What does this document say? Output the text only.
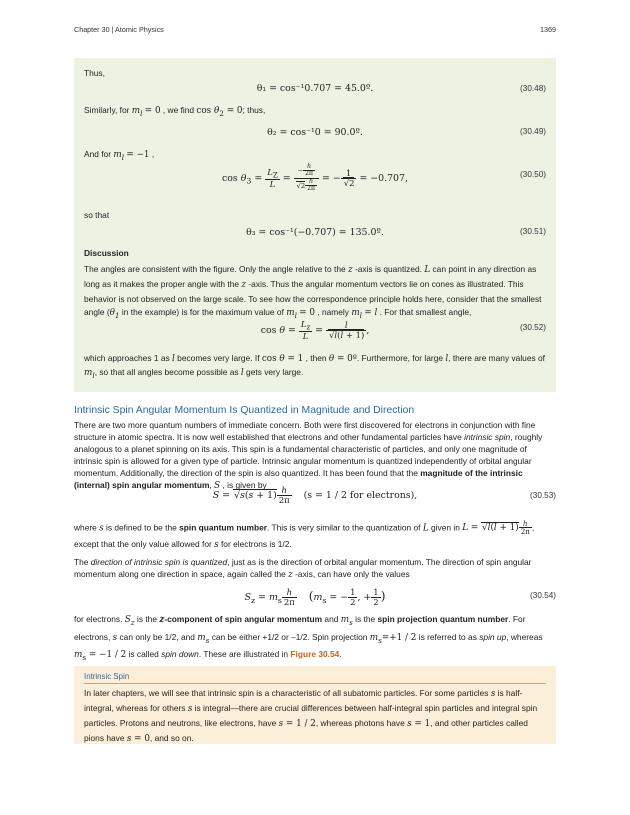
Chapter 30 | Atomic Physics	1369

Thus,

θ₁ = cos⁻¹0.707 = 45.0º.	(30.48)

Similarly, for $m_l = 0$ , we find $\cos \theta_2 = 0$; thus,

θ₂ = cos⁻¹0 = 90.0º.	(30.49)

And for $m_l = -1$ ,

$\cos \theta_3 = \frac{L_Z}{L} = \frac{- \frac{h}{2\pi}}{√2 \frac{h}{2\pi}}$ = − $\frac{1}{√2} = -0.707$,	(30.50)

so that

θ₃ = cos⁻¹(−0.707) = 135.0º.	(30.51)

Discussion

The angles are consistent with the figure. Only the angle relative to the z -axis is quantized. L can point in any direction as long as it makes the proper angle with the z -axis. Thus the angular momentum vectors lie on cones as illustrated. This behavior is not observed on the large scale. To see how the correspondence principle holds here, consider that the smallest angle ($\theta_1$ in the example) is for the maximum value of $m_l = 0$ , namely $m_l = l$ . For that smallest angle,

$\cos \theta = \frac{L_z}{L} = \frac{l}{√l(l + 1)}$ ,	(30.52)

which approaches 1 as l becomes very large. If cos θ = 1 , then θ = 0º. Furthermore, for large l, there are many values of $m_l$, so that all angles become possible as l gets very large.

Intrinsic Spin Angular Momentum Is Quantized in Magnitude and Direction

There are two more quantum numbers of immediate concern. Both were first discovered for electrons in conjunction with fine structure in atomic spectra. It is now well established that electrons and other fundamental particles have intrinsic spin, roughly analogous to a planet spinning on its axis. This spin is a fundamental characteristic of particles, and only one magnitude of intrinsic spin is allowed for a given type of particle. Intrinsic angular momentum is quantized independently of orbital angular momentum. Additionally, the direction of the spin is also quantized. It has been found that the magnitude of the intrinsic (internal) spin angular momentum, S , is given by

$S = √s(s + 1) \frac{h}{2\pi} (s = 1 / 2$ for electrons),	(30.53)

where s is defined to be the spin quantum number. This is very similar to the quantization of L given in $L = √l(l + 1) \frac{h}{2\pi}$ , except that the only value allowed for s for electrons is 1/2.

The direction of intrinsic spin is quantized, just as is the direction of orbital angular momentum. The direction of spin angular momentum along one direction in space, again called the z -axis, can have only the values

$S_z = m_s \frac{h}{2\pi} (m_s$ = − $\frac{1}{2}$ , + $\frac{1}{2}$ )	(30.54)

for electrons. $S_z$ is the z-component of spin angular momentum and $m_s$ is the spin projection quantum number. For electrons, s can only be 1/2, and $m_s$ can be either +1/2 or –1/2. Spin projection $m_s=+1 / 2$ is referred to as spin up, whereas $m_s = -1 / 2$ is called spin down. These are illustrated in Figure 30.54.

Intrinsic Spin

In later chapters, we will see that intrinsic spin is a characteristic of all subatomic particles. For some particles s is half-integral, whereas for others s is integral—there are crucial differences between half-integral spin particles and integral spin particles. Protons and neutrons, like electrons, have s = 1 / 2, whereas photons have s = 1, and other particles called pions have s = 0, and so on.
